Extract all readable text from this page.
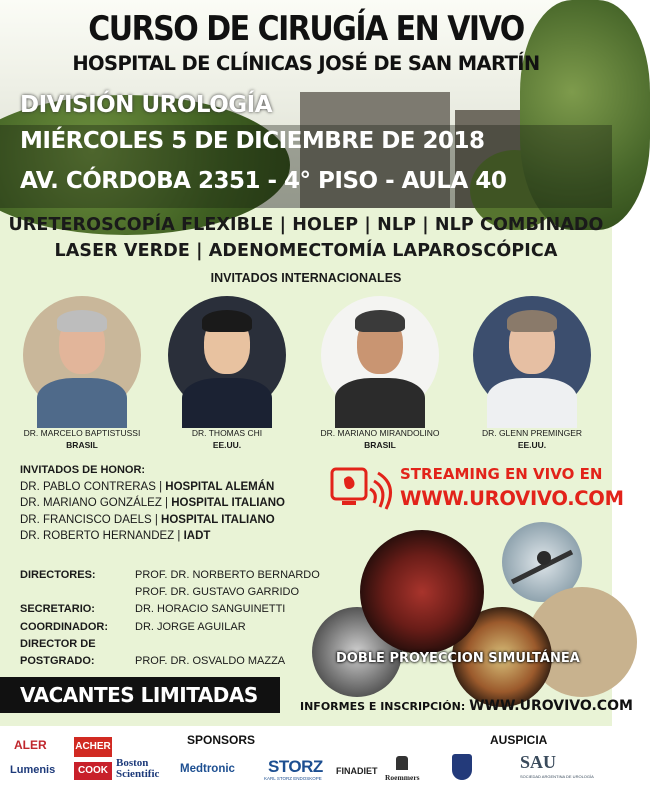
CURSO DE CIRUGÍA EN VIVO
HOSPITAL DE CLÍNICAS JOSÉ DE SAN MARTÍN
DIVISIÓN UROLOGÍA
MIÉRCOLES 5 DE DICIEMBRE DE 2018
AV. CÓRDOBA 2351 - 4° PISO - AULA 40
URETEROSCOPÍA FLEXIBLE | HOLEP | NLP | NLP COMBINADO
LASER VERDE | ADENOMECTOMÍA LAPAROSCÓPICA
INVITADOS INTERNACIONALES
DR. MARCELO BAPTISTUSSI
BRASIL
DR. THOMAS CHI
EE.UU.
DR. MARIANO MIRANDOLINO
BRASIL
DR. GLENN PREMINGER
EE.UU.
INVITADOS DE HONOR:
DR. PABLO CONTRERAS | HOSPITAL ALEMÁN
DR. MARIANO GONZÁLEZ | HOSPITAL ITALIANO
DR. FRANCISCO DAELS | HOSPITAL ITALIANO
DR. ROBERTO HERNANDEZ | IADT
STREAMING EN VIVO EN
WWW.UROVIVO.COM
DIRECTORES:	PROF. DR. NORBERTO BERNARDO
PROF. DR. GUSTAVO GARRIDO
SECRETARIO:	DR. HORACIO SANGUINETTI
COORDINADOR:	DR. JORGE AGUILAR
DIRECTOR DE
POSTGRADO:	PROF. DR. OSVALDO MAZZA	DOBLE PROYECCION SIMULTÁNEA
VACANTES LIMITADAS	INFORMES E INSCRIPCIÓN: WWW.UROVIVO.COM
SPONSORS	AUSPICIA
ALER	ACHER
Lumenis	COOK
Boston Scientific	Medtronic STORZ
KARL STORZ ENDOSKOPE
FINADIET
Roemmers
SAU
SOCIEDAD ARGENTINA DE UROLOGÍA
